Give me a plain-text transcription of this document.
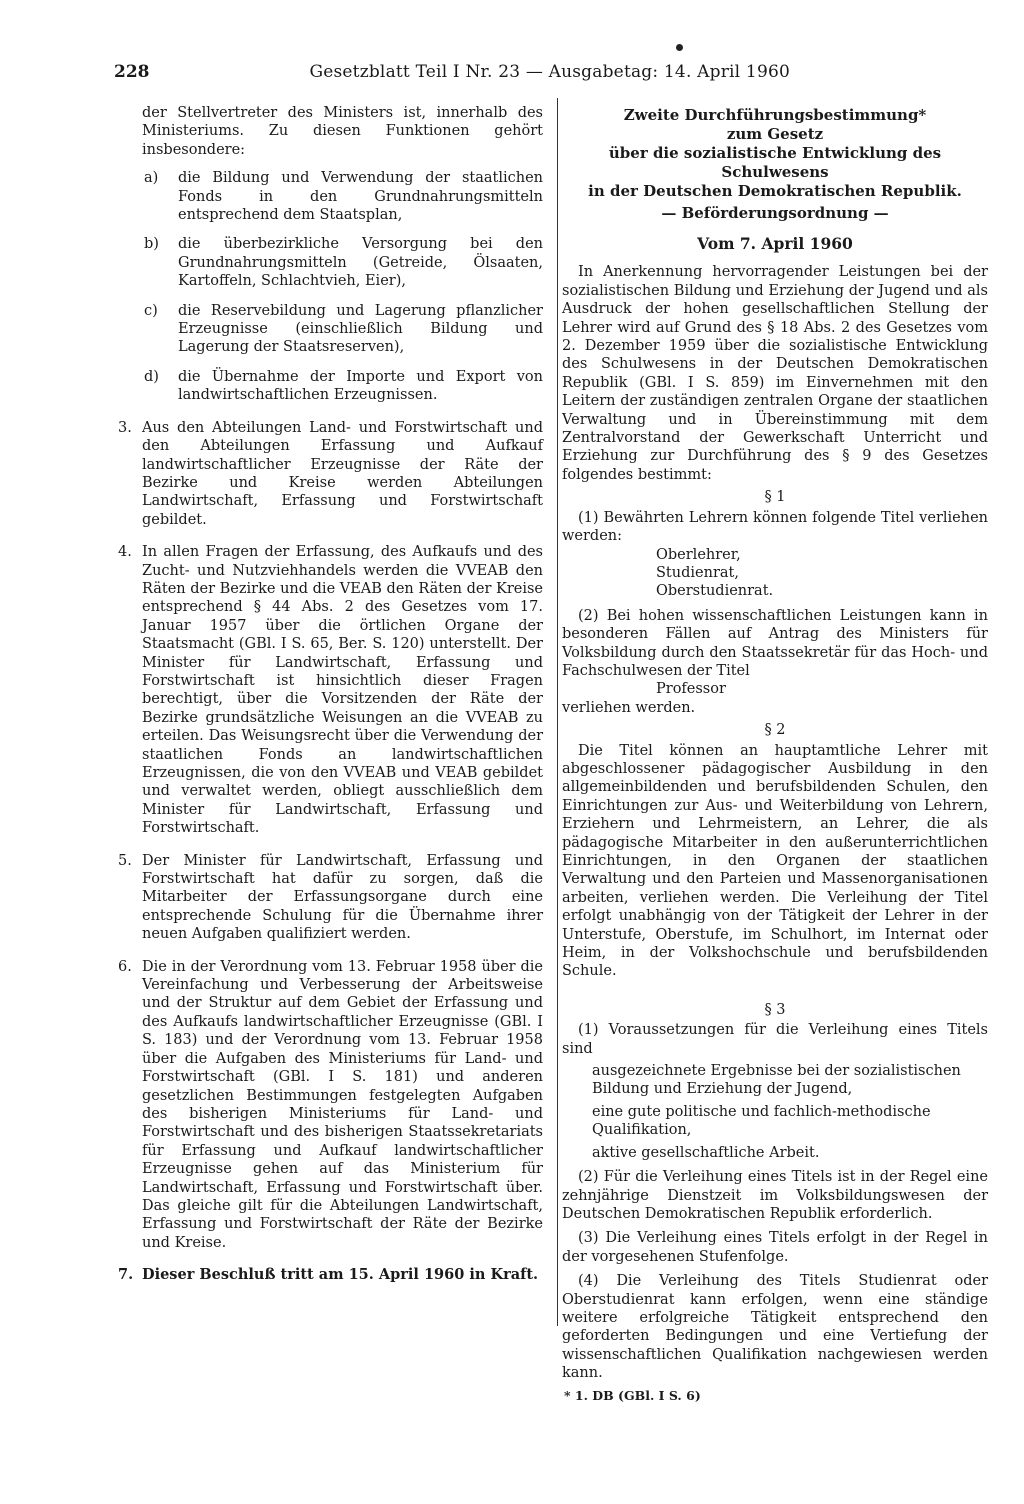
228	Gesetzblatt Teil I Nr. 23 — Ausgabetag: 14. April 1960

der Stellvertreter des Ministers ist, innerhalb des Ministeriums. Zu diesen Funktionen gehört insbesondere:

a) die Bildung und Verwendung der staatlichen Fonds in den Grundnahrungsmitteln entsprechend dem Staatsplan,
b) die überbezirkliche Versorgung bei den Grundnahrungsmitteln (Getreide, Ölsaaten, Kartoffeln, Schlachtvieh, Eier),
c) die Reservebildung und Lagerung pflanzlicher Erzeugnisse (einschließlich Bildung und Lagerung der Staatsreserven),
d) die Übernahme der Importe und Export von landwirtschaftlichen Erzeugnissen.
3. Aus den Abteilungen Land- und Forstwirtschaft und den Abteilungen Erfassung und Aufkauf landwirtschaftlicher Erzeugnisse der Räte der Bezirke und Kreise werden Abteilungen Landwirtschaft, Erfassung und Forstwirtschaft gebildet.
4. In allen Fragen der Erfassung, des Aufkaufs und des Zucht- und Nutzviehhandels werden die VVEAB den Räten der Bezirke und die VEAB den Räten der Kreise entsprechend § 44 Abs. 2 des Gesetzes vom 17. Januar 1957 über die örtlichen Organe der Staatsmacht (GBl. I S. 65, Ber. S. 120) unterstellt. Der Minister für Landwirtschaft, Erfassung und Forstwirtschaft ist hinsichtlich dieser Fragen berechtigt, über die Vorsitzenden der Räte der Bezirke grundsätzliche Weisungen an die VVEAB zu erteilen. Das Weisungsrecht über die Verwendung der staatlichen Fonds an landwirtschaftlichen Erzeugnissen, die von den VVEAB und VEAB gebildet und verwaltet werden, obliegt ausschließlich dem Minister für Landwirtschaft, Erfassung und Forstwirtschaft.
5. Der Minister für Landwirtschaft, Erfassung und Forstwirtschaft hat dafür zu sorgen, daß die Mitarbeiter der Erfassungsorgane durch eine entsprechende Schulung für die Übernahme ihrer neuen Aufgaben qualifiziert werden.
6. Die in der Verordnung vom 13. Februar 1958 über die Vereinfachung und Verbesserung der Arbeitsweise und der Struktur auf dem Gebiet der Erfassung und des Aufkaufs landwirtschaftlicher Erzeugnisse (GBl. I S. 183) und der Verordnung vom 13. Februar 1958 über die Aufgaben des Ministeriums für Land- und Forstwirtschaft (GBl. I S. 181) und anderen gesetzlichen Bestimmungen festgelegten Aufgaben des bisherigen Ministeriums für Land- und Forstwirtschaft und des bisherigen Staatssekretariats für Erfassung und Aufkauf landwirtschaftlicher Erzeugnisse gehen auf das Ministerium für Landwirtschaft, Erfassung und Forstwirtschaft über. Das gleiche gilt für die Abteilungen Landwirtschaft, Erfassung und Forstwirtschaft der Räte der Bezirke und Kreise.
7. Dieser Beschluß tritt am 15. April 1960 in Kraft.
Zweite Durchführungsbestimmung*
zum Gesetz
über die sozialistische Entwicklung des Schulwesens
in der Deutschen Demokratischen Republik.
— Beförderungsordnung —
Vom 7. April 1960

In Anerkennung hervorragender Leistungen bei der sozialistischen Bildung und Erziehung der Jugend und als Ausdruck der hohen gesellschaftlichen Stellung der Lehrer wird auf Grund des § 18 Abs. 2 des Gesetzes vom 2. Dezember 1959 über die sozialistische Entwicklung des Schulwesens in der Deutschen Demokratischen Republik (GBl. I S. 859) im Einvernehmen mit den Leitern der zuständigen zentralen Organe der staatlichen Verwaltung und in Übereinstimmung mit dem Zentralvorstand der Gewerkschaft Unterricht und Erziehung zur Durchführung des § 9 des Gesetzes folgendes bestimmt:

§ 1

(1) Bewährten Lehrern können folgende Titel verliehen werden:

Oberlehrer,
Studienrat,
Oberstudienrat.

(2) Bei hohen wissenschaftlichen Leistungen kann in besonderen Fällen auf Antrag des Ministers für Volksbildung durch den Staatssekretär für das Hoch- und Fachschulwesen der Titel

Professor
verliehen werden.
§ 2

Die Titel können an hauptamtliche Lehrer mit abgeschlossener pädagogischer Ausbildung in den allgemeinbildenden und berufsbildenden Schulen, den Einrichtungen zur Aus- und Weiterbildung von Lehrern, Erziehern und Lehrmeistern, an Lehrer, die als pädagogische Mitarbeiter in den außerunterrichtlichen Einrichtungen, in den Organen der staatlichen Verwaltung und den Parteien und Massenorganisationen arbeiten, verliehen werden. Die Verleihung der Titel erfolgt unabhängig von der Tätigkeit der Lehrer in der Unterstufe, Oberstufe, im Schulhort, im Internat oder Heim, in der Volkshochschule und berufsbildenden Schule.

§ 3

(1) Voraussetzungen für die Verleihung eines Titels sind

ausgezeichnete Ergebnisse bei der sozialistischen Bildung und Erziehung der Jugend,
eine gute politische und fachlich-methodische Qualifikation,
aktive gesellschaftliche Arbeit.

(2) Für die Verleihung eines Titels ist in der Regel eine zehnjährige Dienstzeit im Volksbildungswesen der Deutschen Demokratischen Republik erforderlich.

(3) Die Verleihung eines Titels erfolgt in der Regel in der vorgesehenen Stufenfolge.

(4) Die Verleihung des Titels Studienrat oder Oberstudienrat kann erfolgen, wenn eine ständige weitere erfolgreiche Tätigkeit entsprechend den geforderten Bedingungen und eine Vertiefung der wissenschaftlichen Qualifikation nachgewiesen werden kann.

* 1. DB (GBl. I S. 6)
